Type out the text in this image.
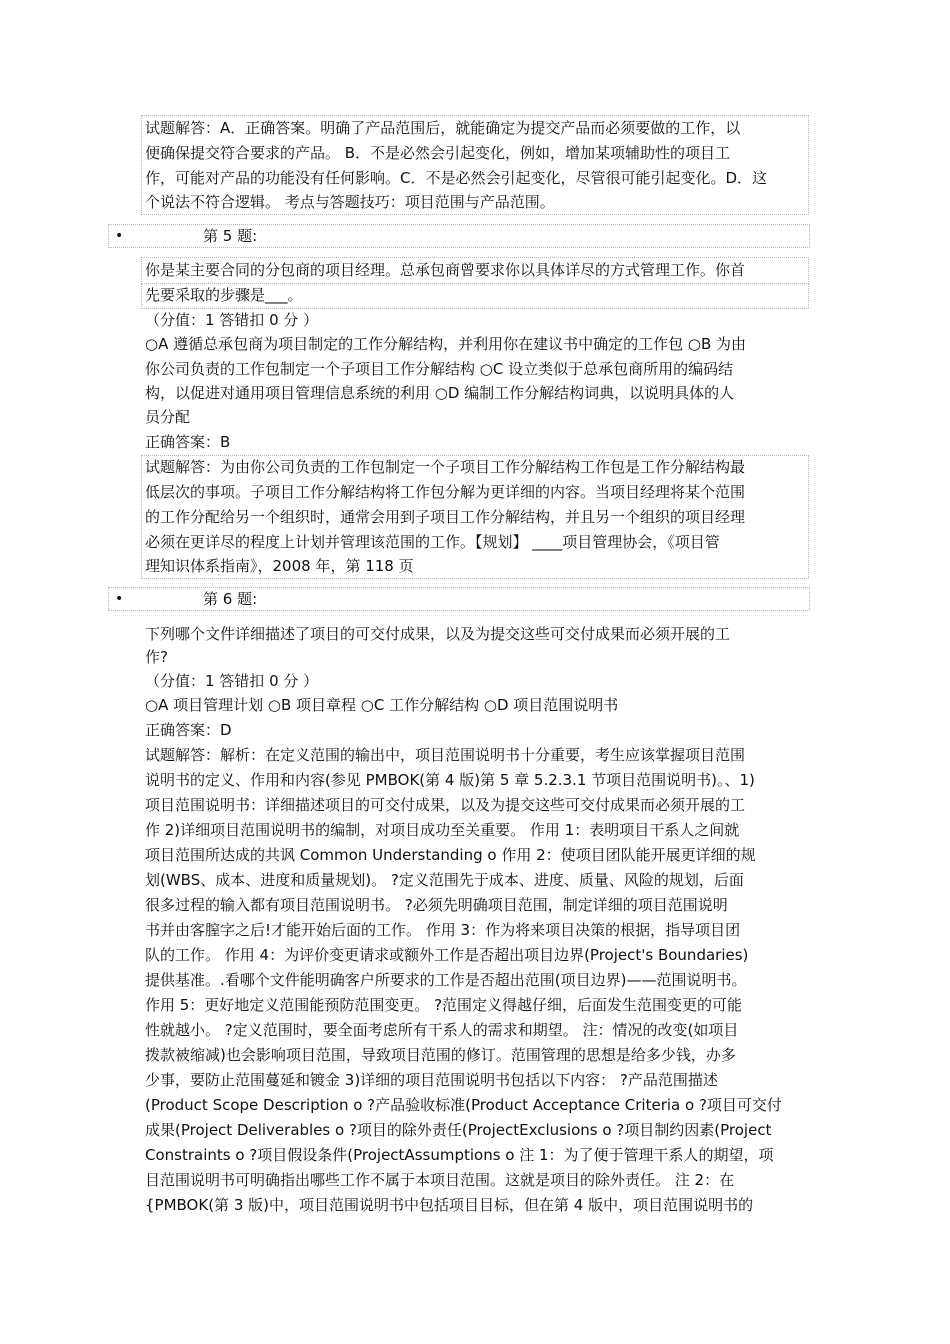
试题解答：A．正确答案。明确了产品范围后，就能确定为提交产品而必须要做的工作，以
便确保提交符合要求的产品。 B．不是必然会引起变化，例如，增加某项辅助性的项目工
作，可能对产品的功能没有任何影响。C．不是必然会引起变化，尽管很可能引起变化。D．这
个说法不符合逻辑。 考点与答题技巧：项目范围与产品范围。
•	第 5 题:
你是某主要合同的分包商的项目经理。总承包商曾要求你以具体详尽的方式管理工作。你首
先要采取的步骤是___。
（分值：1 答错扣 0 分 ）
○A 遵循总承包商为项目制定的工作分解结构，并利用你在建议书中确定的工作包 ○B 为由
你公司负责的工作包制定一个子项目工作分解结构 ○C 设立类似于总承包商所用的编码结
构，以促进对通用项目管理信息系统的利用 ○D 编制工作分解结构词典，以说明具体的人
员分配
正确答案：B
试题解答：为由你公司负责的工作包制定一个子项目工作分解结构工作包是工作分解结构最
低层次的事项。子项目工作分解结构将工作包分解为更详细的内容。当项目经理将某个范围
的工作分配给另一个组织时，通常会用到子项目工作分解结构，并且另一个组织的项目经理
必须在更详尽的程度上计划并管理该范围的工作。【规划】 ____项目管理协会，《项目管
理知识体系指南》，2008 年，第 118 页
•	第 6 题:
下列哪个文件详细描述了项目的可交付成果，以及为提交这些可交付成果而必须开展的工
作?
（分值：1 答错扣 0 分 ）
○A 项目管理计划 ○B 项目章程 ○C 工作分解结构 ○D 项目范围说明书
正确答案：D
试题解答：解析：在定义范围的输出中，项目范围说明书十分重要，考生应该掌握项目范围
说明书的定义、作用和内容(参见 PMBOK(第 4 版)第 5 章 5.2.3.1 节项目范围说明书)。、1)
项目范围说明书：详细描述项目的可交付成果，以及为提交这些可交付成果而必须开展的工
作 2)详细项目范围说明书的编制，对项目成功至关重要。 作用 1：表明项目干系人之间就
项目范围所达成的共讽 Common Understanding o 作用 2：使项目团队能开展更详细的规
划(WBS、成本、进度和质量规划)。 ?定义范围先于成本、进度、质量、风险的规划，后面
很多过程的输入都有项目范围说明书。 ?必须先明确项目范围，制定详细的项目范围说明
书并由客膣字之后!才能开始后面的工作。 作用 3：作为将来项目决策的根据，指导项目团
队的工作。 作用 4：为评价变更请求或额外工作是否超出项目边界(Project's Boundaries)
提供基准。.看哪个文件能明确客户所要求的工作是否超出范围(项目边界)——范围说明书。
作用 5：更好地定义范围能预防范围变更。 ?范围定义得越仔细，后面发生范围变更的可能
性就越小。 ?定义范围时，要全面考虑所有干系人的需求和期望。 注：情况的改变(如项目
拨款被缩减)也会影响项目范围，导致项目范围的修订。范围管理的思想是给多少钱，办多
少事，要防止范围蔓延和镀金 3)详细的项目范围说明书包括以下内容： ?产品范围描述
(Product Scope Description o ?产品验收标准(Product Acceptance Criteria o ?项目可交付
成果(Project Deliverables o ?项目的除外责任(ProjectExclusions o ?项目制约因素(Project
Constraints o ?项目假设条件(ProjectAssumptions o 注 1：为了便于管理干系人的期望，项
目范围说明书可明确指出哪些工作不属于本项目范围。这就是项目的除外责任。 注 2：在
{PMBOK(第 3 版)中，项目范围说明书中包括项目目标，但在第 4 版中，项目范围说明书的
